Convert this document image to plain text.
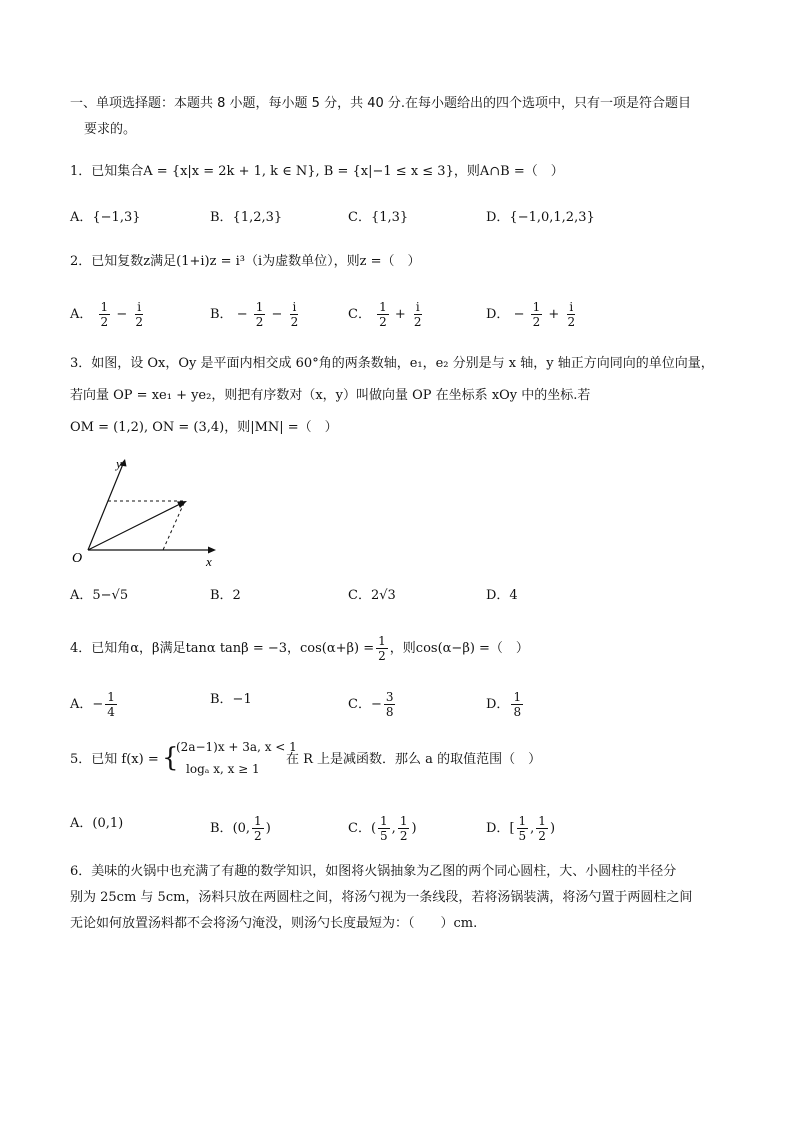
一、单项选择题：本题共 8 小题，每小题 5 分，共 40 分.在每小题给出的四个选项中，只有一项是符合题目
要求的。
1．已知集合A = {x|x = 2k + 1, k ∈ N}, B = {x|−1 ≤ x ≤ 3}，则A∩B =（　）
A．{−1,3}	B．{1,2,3}	C．{1,3}	D．{−1,0,1,2,3}
2．已知复数z满足(1+i)z = i³（i为虚数单位），则z =（　）
A． $\frac{1}{2} - \frac{i}{2}$	B． − $\frac{1}{2} - \frac{i}{2}$	C． $\frac{1}{2} + \frac{i}{2}$	D． − $\frac{1}{2} + \frac{i}{2}$
3．如图，设 Ox，Oy 是平面内相交成 60°角的两条数轴，e₁，e₂ 分别是与 x 轴，y 轴正方向同向的单位向量，
若向量 OP = xe₁ + ye₂，则把有序数对（x，y）叫做向量 OP 在坐标系 xOy 中的坐标.若
OM = (1,2), ON = (3,4)，则|MN| =（　）
y
O	x
A．5−√5	B．2	C．2√3	D．4
4．已知角α，β满足tanα tanβ = −3，$\cos(\alpha+\beta) = \frac{1}{2}$ ，则cos(α−β) =（　）
A．− $\frac{1}{4}$	B．−1	C．− $\frac{3}{8}$	D． $\frac{1}{8}$
5．已知 f(x) = {
(2a−1)x + 3a, x < 1
logₐ x, x ≥ 1
在 R 上是减函数．那么 a 的取值范围（　）
A．(0,1)	B．(0, $\frac{1}{2}$ )	C．( $\frac{1}{5}$ , $\frac{1}{2}$ )	D．[ $\frac{1}{5}$ , $\frac{1}{2}$ )
6．美味的火锅中也充满了有趣的数学知识，如图将火锅抽象为乙图的两个同心圆柱，大、小圆柱的半径分
别为 25cm 与 5cm，汤料只放在两圆柱之间，将汤勺视为一条线段，若将汤锅装满，将汤勺置于两圆柱之间
无论如何放置汤料都不会将汤勺淹没，则汤勺长度最短为：（　　）cm.
